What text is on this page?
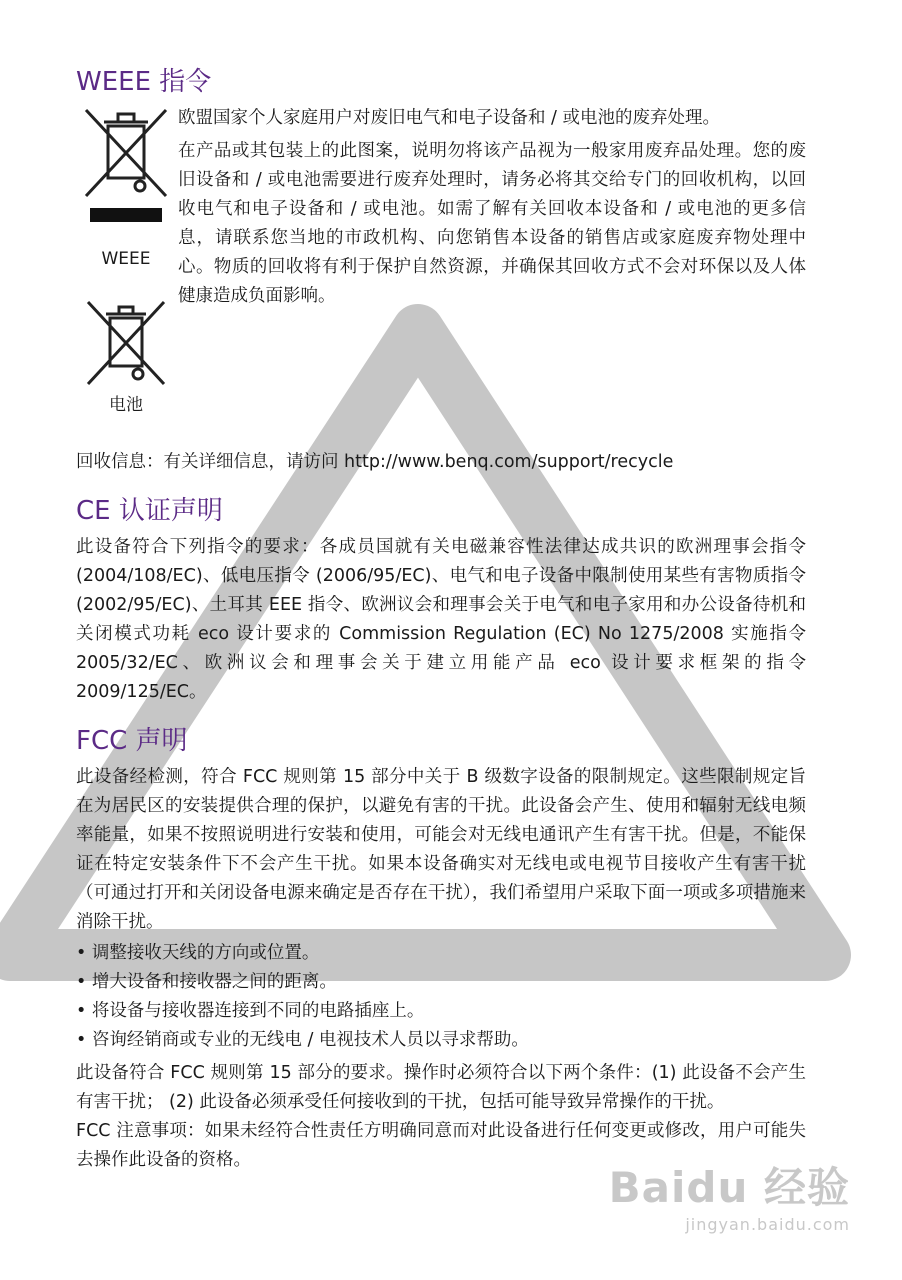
WEEE 指令
WEEE
电池

欧盟国家个人家庭用户对废旧电气和电子设备和 / 或电池的废弃处理。

在产品或其包装上的此图案，说明勿将该产品视为一般家用废弃品处理。您的废旧设备和 / 或电池需要进行废弃处理时，请务必将其交给专门的回收机构，以回收电气和电子设备和 / 或电池。如需了解有关回收本设备和 / 或电池的更多信息，请联系您当地的市政机构、向您销售本设备的销售店或家庭废弃物处理中心。物质的回收将有利于保护自然资源，并确保其回收方式不会对环保以及人体健康造成负面影响。

回收信息：有关详细信息，请访问 http://www.benq.com/support/recycle

CE 认证声明

此设备符合下列指令的要求：各成员国就有关电磁兼容性法律达成共识的欧洲理事会指令 (2004/108/EC)、低电压指令 (2006/95/EC)、电气和电子设备中限制使用某些有害物质指令 (2002/95/EC)、土耳其 EEE 指令、欧洲议会和理事会关于电气和电子家用和办公设备待机和关闭模式功耗 eco 设计要求的 Commission Regulation (EC) No 1275/2008 实施指令 2005/32/EC、欧洲议会和理事会关于建立用能产品 eco 设计要求框架的指令 2009/125/EC。

FCC 声明

此设备经检测，符合 FCC 规则第 15 部分中关于 B 级数字设备的限制规定。这些限制规定旨在为居民区的安装提供合理的保护，以避免有害的干扰。此设备会产生、使用和辐射无线电频率能量，如果不按照说明进行安装和使用，可能会对无线电通讯产生有害干扰。但是，不能保证在特定安装条件下不会产生干扰。如果本设备确实对无线电或电视节目接收产生有害干扰 （可通过打开和关闭设备电源来确定是否存在干扰），我们希望用户采取下面一项或多项措施来消除干扰。

• 调整接收天线的方向或位置。
• 增大设备和接收器之间的距离。
• 将设备与接收器连接到不同的电路插座上。
• 咨询经销商或专业的无线电 / 电视技术人员以寻求帮助。

此设备符合 FCC 规则第 15 部分的要求。操作时必须符合以下两个条件：(1) 此设备不会产生有害干扰； (2) 此设备必须承受任何接收到的干扰，包括可能导致异常操作的干扰。

FCC 注意事项：如果未经符合性责任方明确同意而对此设备进行任何变更或修改，用户可能失去操作此设备的资格。

Baidu 经验
jingyan.baidu.com
